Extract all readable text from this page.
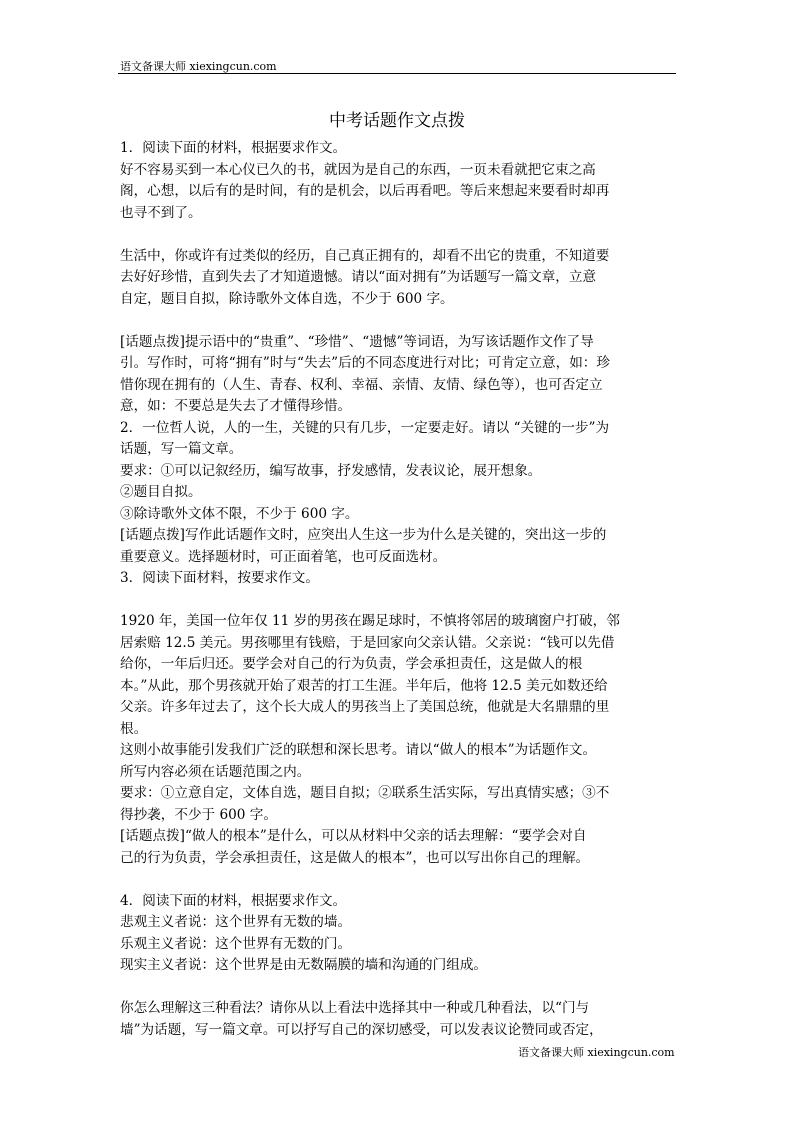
语文备课大师 xiexingcun.com
中考话题作文点拨
1．阅读下面的材料，根据要求作文。
好不容易买到一本心仪已久的书，就因为是自己的东西，一页未看就把它束之高
阁，心想，以后有的是时间，有的是机会，以后再看吧。等后来想起来要看时却再
也寻不到了。
生活中，你或许有过类似的经历，自己真正拥有的，却看不出它的贵重，不知道要
去好好珍惜，直到失去了才知道遗憾。请以“面对拥有”为话题写一篇文章，立意
自定，题目自拟，除诗歌外文体自选，不少于 600 字。
[话题点拨]提示语中的“贵重”、“珍惜”、“遗憾”等词语，为写该话题作文作了导
引。写作时，可将“拥有”时与“失去”后的不同态度进行对比；可肯定立意，如：珍
惜你现在拥有的（人生、青春、权利、幸福、亲情、友情、绿色等），也可否定立
意，如：不要总是失去了才懂得珍惜。
2．一位哲人说，人的一生，关键的只有几步，一定要走好。请以 “关键的一步”为
话题，写一篇文章。
要求：①可以记叙经历，编写故事，抒发感情，发表议论，展开想象。
②题目自拟。
③除诗歌外文体不限，不少于 600 字。
[话题点拨]写作此话题作文时，应突出人生这一步为什么是关键的，突出这一步的
重要意义。选择题材时，可正面着笔，也可反面选材。
3．阅读下面材料，按要求作文。
1920 年，美国一位年仅 11 岁的男孩在踢足球时，不慎将邻居的玻璃窗户打破，邻
居索赔 12.5 美元。男孩哪里有钱赔，于是回家向父亲认错。父亲说：“钱可以先借
给你，一年后归还。要学会对自己的行为负责，学会承担责任，这是做人的根
本。”从此，那个男孩就开始了艰苦的打工生涯。半年后，他将 12.5 美元如数还给
父亲。许多年过去了，这个长大成人的男孩当上了美国总统，他就是大名鼎鼎的里
根。
这则小故事能引发我们广泛的联想和深长思考。请以“做人的根本”为话题作文。
所写内容必须在话题范围之内。
要求：①立意自定，文体自选，题目自拟；②联系生活实际，写出真情实感；③不
得抄袭，不少于 600 字。
[话题点拨]“做人的根本”是什么，可以从材料中父亲的话去理解：“要学会对自
己的行为负责，学会承担责任，这是做人的根本”，也可以写出你自己的理解。
4．阅读下面的材料，根据要求作文。
悲观主义者说：这个世界有无数的墙。
乐观主义者说：这个世界有无数的门。
现实主义者说：这个世界是由无数隔膜的墙和沟通的门组成。
你怎么理解这三种看法？请你从以上看法中选择其中一种或几种看法，以“门与
墙”为话题，写一篇文章。可以抒写自己的深切感受，可以发表议论赞同或否定，
语文备课大师 xiexingcun.com
